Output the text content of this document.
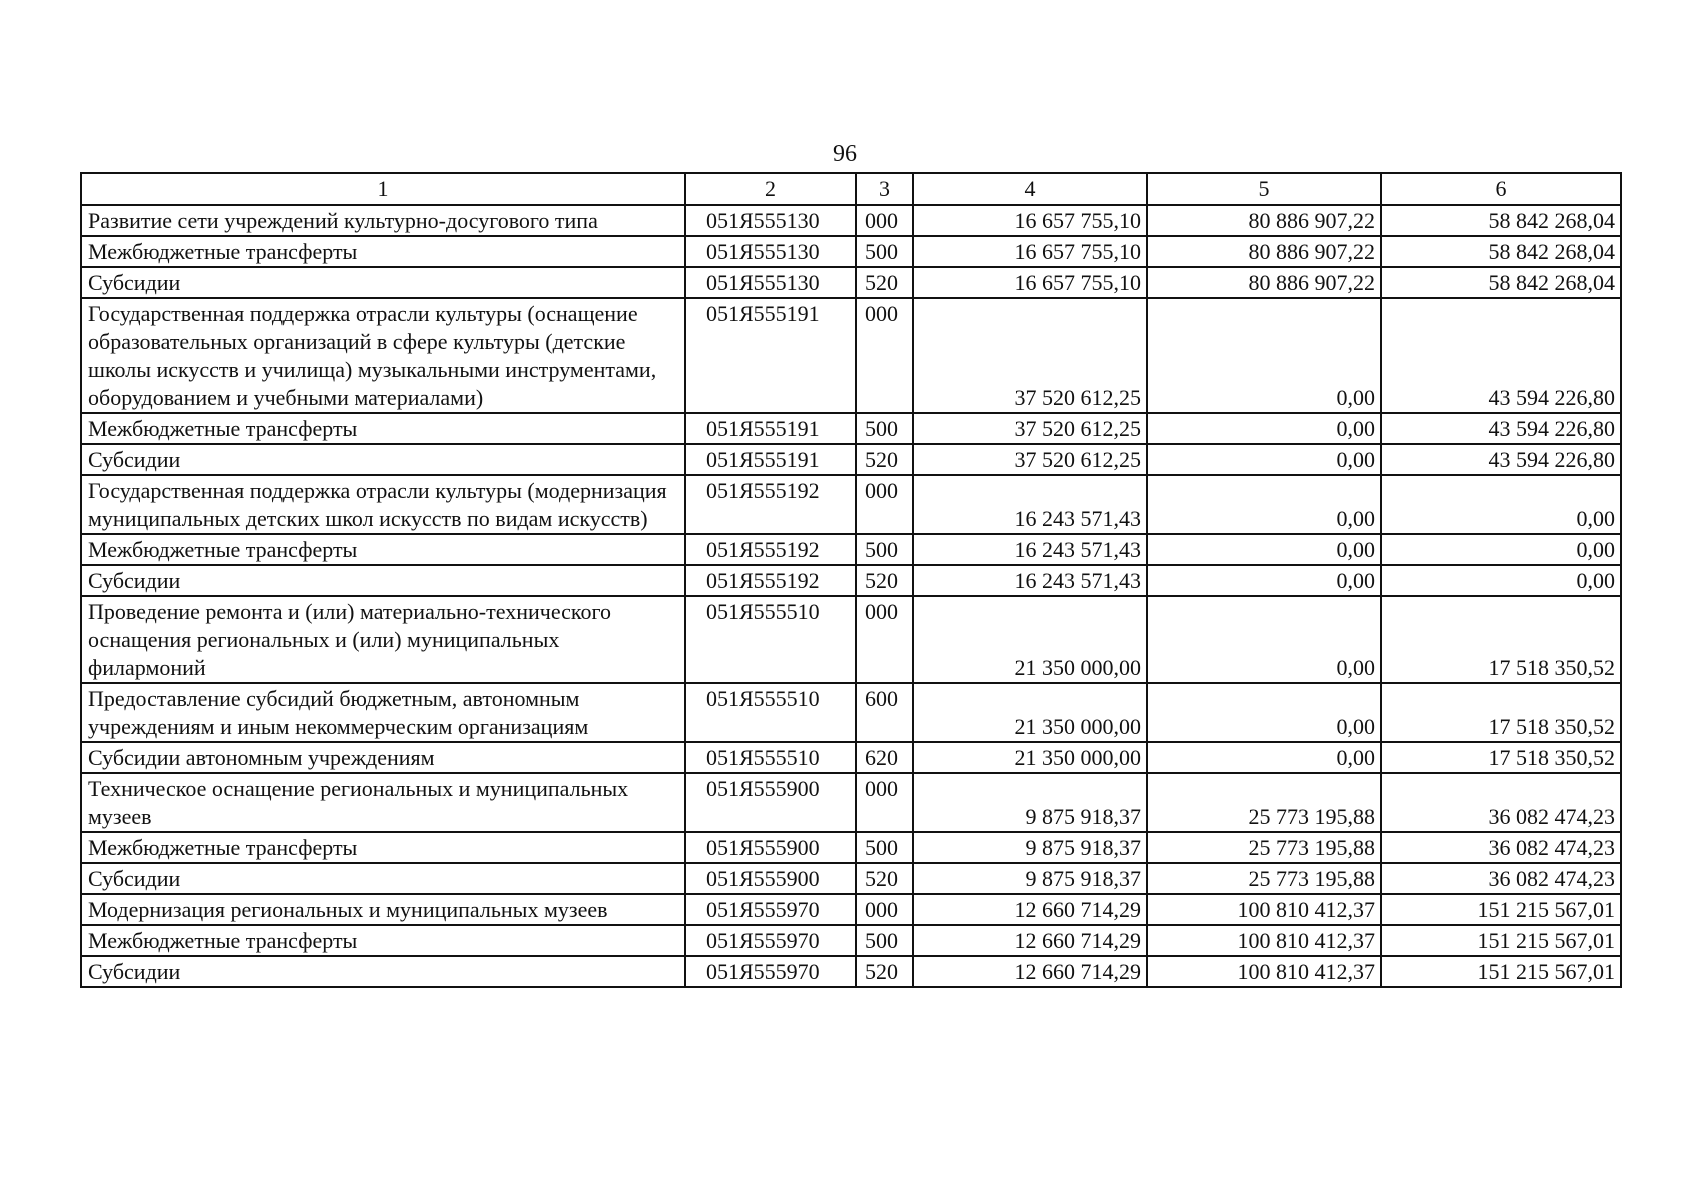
96
1	2	3	4	5	6
Развитие сети учреждений культурно-досугового типа	051Я555130	000	16 657 755,10	80 886 907,22	58 842 268,04
Межбюджетные трансферты	051Я555130	500	16 657 755,10	80 886 907,22	58 842 268,04
Субсидии	051Я555130	520	16 657 755,10	80 886 907,22	58 842 268,04
Государственная поддержка отрасли культуры (оснащение образовательных организаций в сфере культуры (детские школы искусств и училища) музыкальными инструментами, оборудованием и учебными материалами)	051Я555191	000	37 520 612,25	0,00	43 594 226,80
Межбюджетные трансферты	051Я555191	500	37 520 612,25	0,00	43 594 226,80
Субсидии	051Я555191	520	37 520 612,25	0,00	43 594 226,80
Государственная поддержка отрасли культуры (модернизация муниципальных детских школ искусств по видам искусств)	051Я555192	000	16 243 571,43	0,00	0,00
Межбюджетные трансферты	051Я555192	500	16 243 571,43	0,00	0,00
Субсидии	051Я555192	520	16 243 571,43	0,00	0,00
Проведение ремонта и (или) материально-технического оснащения региональных и (или) муниципальных филармоний	051Я555510	000	21 350 000,00	0,00	17 518 350,52
Предоставление субсидий бюджетным, автономным учреждениям и иным некоммерческим организациям	051Я555510	600	21 350 000,00	0,00	17 518 350,52
Субсидии автономным учреждениям	051Я555510	620	21 350 000,00	0,00	17 518 350,52
Техническое оснащение региональных и муниципальных музеев	051Я555900	000	9 875 918,37	25 773 195,88	36 082 474,23
Межбюджетные трансферты	051Я555900	500	9 875 918,37	25 773 195,88	36 082 474,23
Субсидии	051Я555900	520	9 875 918,37	25 773 195,88	36 082 474,23
Модернизация региональных и муниципальных музеев	051Я555970	000	12 660 714,29	100 810 412,37	151 215 567,01
Межбюджетные трансферты	051Я555970	500	12 660 714,29	100 810 412,37	151 215 567,01
Субсидии	051Я555970	520	12 660 714,29	100 810 412,37	151 215 567,01
